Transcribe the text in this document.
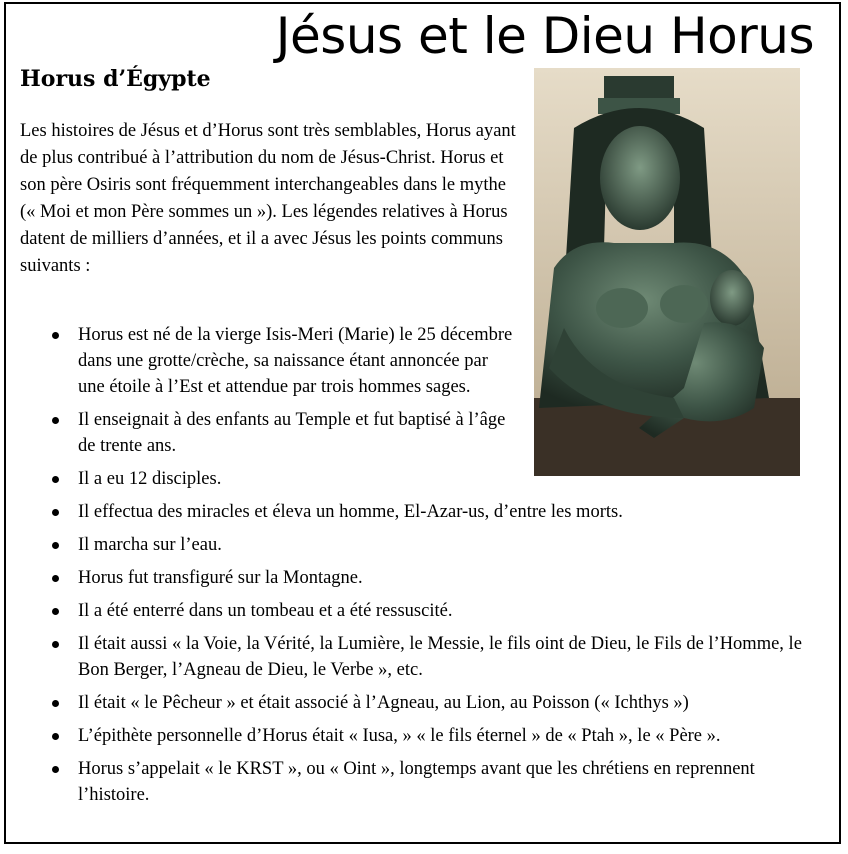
Jésus et le Dieu Horus
Horus d’Égypte

Les histoires de Jésus et d’Horus sont très semblables, Horus ayant de plus contribué à l’attribution du nom de Jésus-Christ. Horus et son père Osiris sont fréquemment interchangeables dans le mythe (« Moi et mon Père sommes un »). Les légendes relatives à Horus datent de milliers d’années, et il a avec Jésus les points communs suivants :

Horus est né de la vierge Isis-Meri (Marie) le 25 décembre dans une grotte/crèche, sa naissance étant annoncée par une étoile à l’Est et attendue par trois hommes sages.
Il enseignait à des enfants au Temple et fut baptisé à l’âge de trente ans.
Il a eu 12 disciples.
Il effectua des miracles et éleva un homme, El-Azar-us, d’entre les morts.
Il marcha sur l’eau.
Horus fut transfiguré sur la Montagne.
Il a été enterré dans un tombeau et a été ressuscité.
Il était aussi « la Voie, la Vérité, la Lumière, le Messie, le fils oint de Dieu, le Fils de l’Homme, le Bon Berger, l’Agneau de Dieu, le Verbe », etc.
Il était « le Pêcheur » et était associé à l’Agneau, au Lion, au Poisson (« Ichthys »)
L’épithète personnelle d’Horus était « Iusa, » « le fils éternel » de « Ptah », le « Père ».
Horus s’appelait « le KRST », ou « Oint », longtemps avant que les chrétiens en reprennent l’histoire.
